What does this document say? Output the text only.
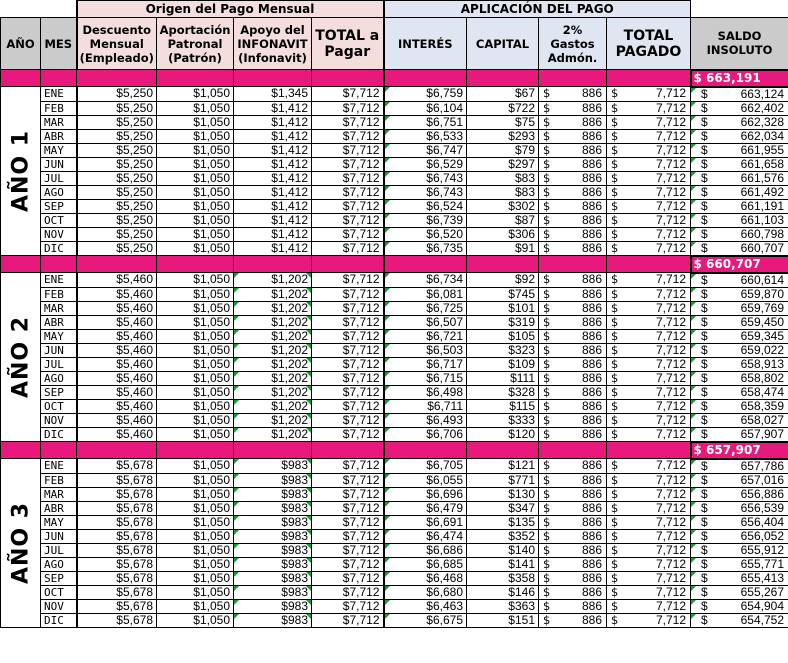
		Origen del Pago Mensual				APLICACIÓN DEL PAGO				
AÑO	MES	Descuento Mensual (Empleado)	Aportación Patronal (Patrón)	Apoyo del INFONAVIT (Infonavit)	TOTAL a Pagar	INTERÉS	CAPITAL	2% Gastos Admón.	TOTAL PAGADO	SALDO INSOLUTO
										$ 663,191

AÑO 1	ENE	$5,250	$1,050	$1,345	$7,712	$6,759	$67	$ 886	$ 7,712	$ 663,124

	FEB	$5,250	$1,050	$1,412	$7,712	$6,104	$722	$ 886	$ 7,712	$ 662,402

	MAR	$5,250	$1,050	$1,412	$7,712	$6,751	$75	$ 886	$ 7,712	$ 662,328

	ABR	$5,250	$1,050	$1,412	$7,712	$6,533	$293	$ 886	$ 7,712	$ 662,034

	MAY	$5,250	$1,050	$1,412	$7,712	$6,747	$79	$ 886	$ 7,712	$ 661,955

	JUN	$5,250	$1,050	$1,412	$7,712	$6,529	$297	$ 886	$ 7,712	$ 661,658

	JUL	$5,250	$1,050	$1,412	$7,712	$6,743	$83	$ 886	$ 7,712	$ 661,576

	AGO	$5,250	$1,050	$1,412	$7,712	$6,743	$83	$ 886	$ 7,712	$ 661,492

	SEP	$5,250	$1,050	$1,412	$7,712	$6,524	$302	$ 886	$ 7,712	$ 661,191

	OCT	$5,250	$1,050	$1,412	$7,712	$6,739	$87	$ 886	$ 7,712	$ 661,103

	NOV	$5,250	$1,050	$1,412	$7,712	$6,520	$306	$ 886	$ 7,712	$ 660,798

	DIC	$5,250	$1,050	$1,412	$7,712	$6,735	$91	$ 886	$ 7,712	$ 660,707

										$ 660,707

AÑO 2	ENE	$5,460	$1,050	$1,202	$7,712	$6,734	$92	$ 886	$ 7,712	$ 660,614

	FEB	$5,460	$1,050	$1,202	$7,712	$6,081	$745	$ 886	$ 7,712	$ 659,870

	MAR	$5,460	$1,050	$1,202	$7,712	$6,725	$101	$ 886	$ 7,712	$ 659,769

	ABR	$5,460	$1,050	$1,202	$7,712	$6,507	$319	$ 886	$ 7,712	$ 659,450

	MAY	$5,460	$1,050	$1,202	$7,712	$6,721	$105	$ 886	$ 7,712	$ 659,345

	JUN	$5,460	$1,050	$1,202	$7,712	$6,503	$323	$ 886	$ 7,712	$ 659,022

	JUL	$5,460	$1,050	$1,202	$7,712	$6,717	$109	$ 886	$ 7,712	$ 658,913

	AGO	$5,460	$1,050	$1,202	$7,712	$6,715	$111	$ 886	$ 7,712	$ 658,802

	SEP	$5,460	$1,050	$1,202	$7,712	$6,498	$328	$ 886	$ 7,712	$ 658,474

	OCT	$5,460	$1,050	$1,202	$7,712	$6,711	$115	$ 886	$ 7,712	$ 658,359

	NOV	$5,460	$1,050	$1,202	$7,712	$6,493	$333	$ 886	$ 7,712	$ 658,027

	DIC	$5,460	$1,050	$1,202	$7,712	$6,706	$120	$ 886	$ 7,712	$ 657,907

										$ 657,907

AÑO 3	ENE	$5,678	$1,050	$983	$7,712	$6,705	$121	$ 886	$ 7,712	$ 657,786

	FEB	$5,678	$1,050	$983	$7,712	$6,055	$771	$ 886	$ 7,712	$ 657,016

	MAR	$5,678	$1,050	$983	$7,712	$6,696	$130	$ 886	$ 7,712	$ 656,886

	ABR	$5,678	$1,050	$983	$7,712	$6,479	$347	$ 886	$ 7,712	$ 656,539

	MAY	$5,678	$1,050	$983	$7,712	$6,691	$135	$ 886	$ 7,712	$ 656,404

	JUN	$5,678	$1,050	$983	$7,712	$6,474	$352	$ 886	$ 7,712	$ 656,052

	JUL	$5,678	$1,050	$983	$7,712	$6,686	$140	$ 886	$ 7,712	$ 655,912

	AGO	$5,678	$1,050	$983	$7,712	$6,685	$141	$ 886	$ 7,712	$ 655,771

	SEP	$5,678	$1,050	$983	$7,712	$6,468	$358	$ 886	$ 7,712	$ 655,413

	OCT	$5,678	$1,050	$983	$7,712	$6,680	$146	$ 886	$ 7,712	$ 655,267

	NOV	$5,678	$1,050	$983	$7,712	$6,463	$363	$ 886	$ 7,712	$ 654,904

	DIC	$5,678	$1,050	$983	$7,712	$6,675	$151	$ 886	$ 7,712	$ 654,752
